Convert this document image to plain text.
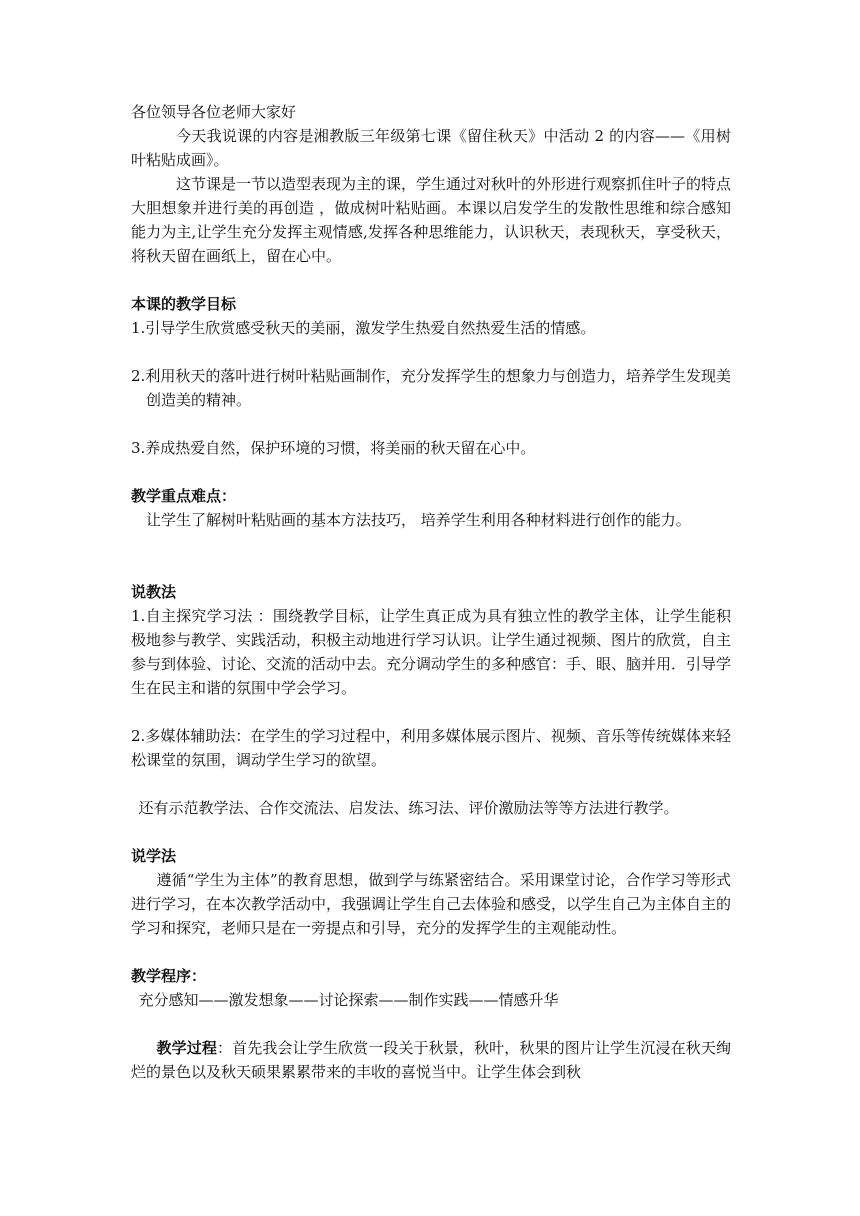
各位领导各位老师大家好

今天我说课的内容是湘教版三年级第七课《留住秋天》中活动 2 的内容——《用树叶粘贴成画》。

这节课是一节以造型表现为主的课，学生通过对秋叶的外形进行观察抓住叶子的特点大胆想象并进行美的再创造 ，做成树叶粘贴画。本课以启发学生的发散性思维和综合感知能力为主,让学生充分发挥主观情感,发挥各种思维能力，认识秋天，表现秋天，享受秋天，将秋天留在画纸上，留在心中。

本课的教学目标

1.引导学生欣赏感受秋天的美丽，激发学生热爱自然热爱生活的情感。

2.利用秋天的落叶进行树叶粘贴画制作，充分发挥学生的想象力与创造力，培养学生发现美创造美的精神。

3.养成热爱自然，保护环境的习惯，将美丽的秋天留在心中。

教学重点难点：

让学生了解树叶粘贴画的基本方法技巧， 培养学生利用各种材料进行创作的能力。

说教法

1.自主探究学习法 ：围绕教学目标，让学生真正成为具有独立性的教学主体，让学生能积极地参与教学、实践活动，积极主动地进行学习认识。让学生通过视频、图片的欣赏，自主参与到体验、讨论、交流的活动中去。充分调动学生的多种感官：手、眼、脑并用．引导学生在民主和谐的氛围中学会学习。

2.多媒体辅助法：在学生的学习过程中，利用多媒体展示图片、视频、音乐等传统媒体来轻松课堂的氛围，调动学生学习的欲望。

还有示范教学法、合作交流法、启发法、练习法、评价激励法等等方法进行教学。

说学法

遵循“学生为主体”的教育思想，做到学与练紧密结合。采用课堂讨论，合作学习等形式进行学习，在本次教学活动中，我强调让学生自己去体验和感受，以学生自己为主体自主的学习和探究，老师只是在一旁提点和引导，充分的发挥学生的主观能动性。

教学程序：

充分感知——激发想象——讨论探索——制作实践——情感升华

教学过程：首先我会让学生欣赏一段关于秋景，秋叶，秋果的图片让学生沉浸在秋天绚烂的景色以及秋天硕果累累带来的丰收的喜悦当中。让学生体会到秋
